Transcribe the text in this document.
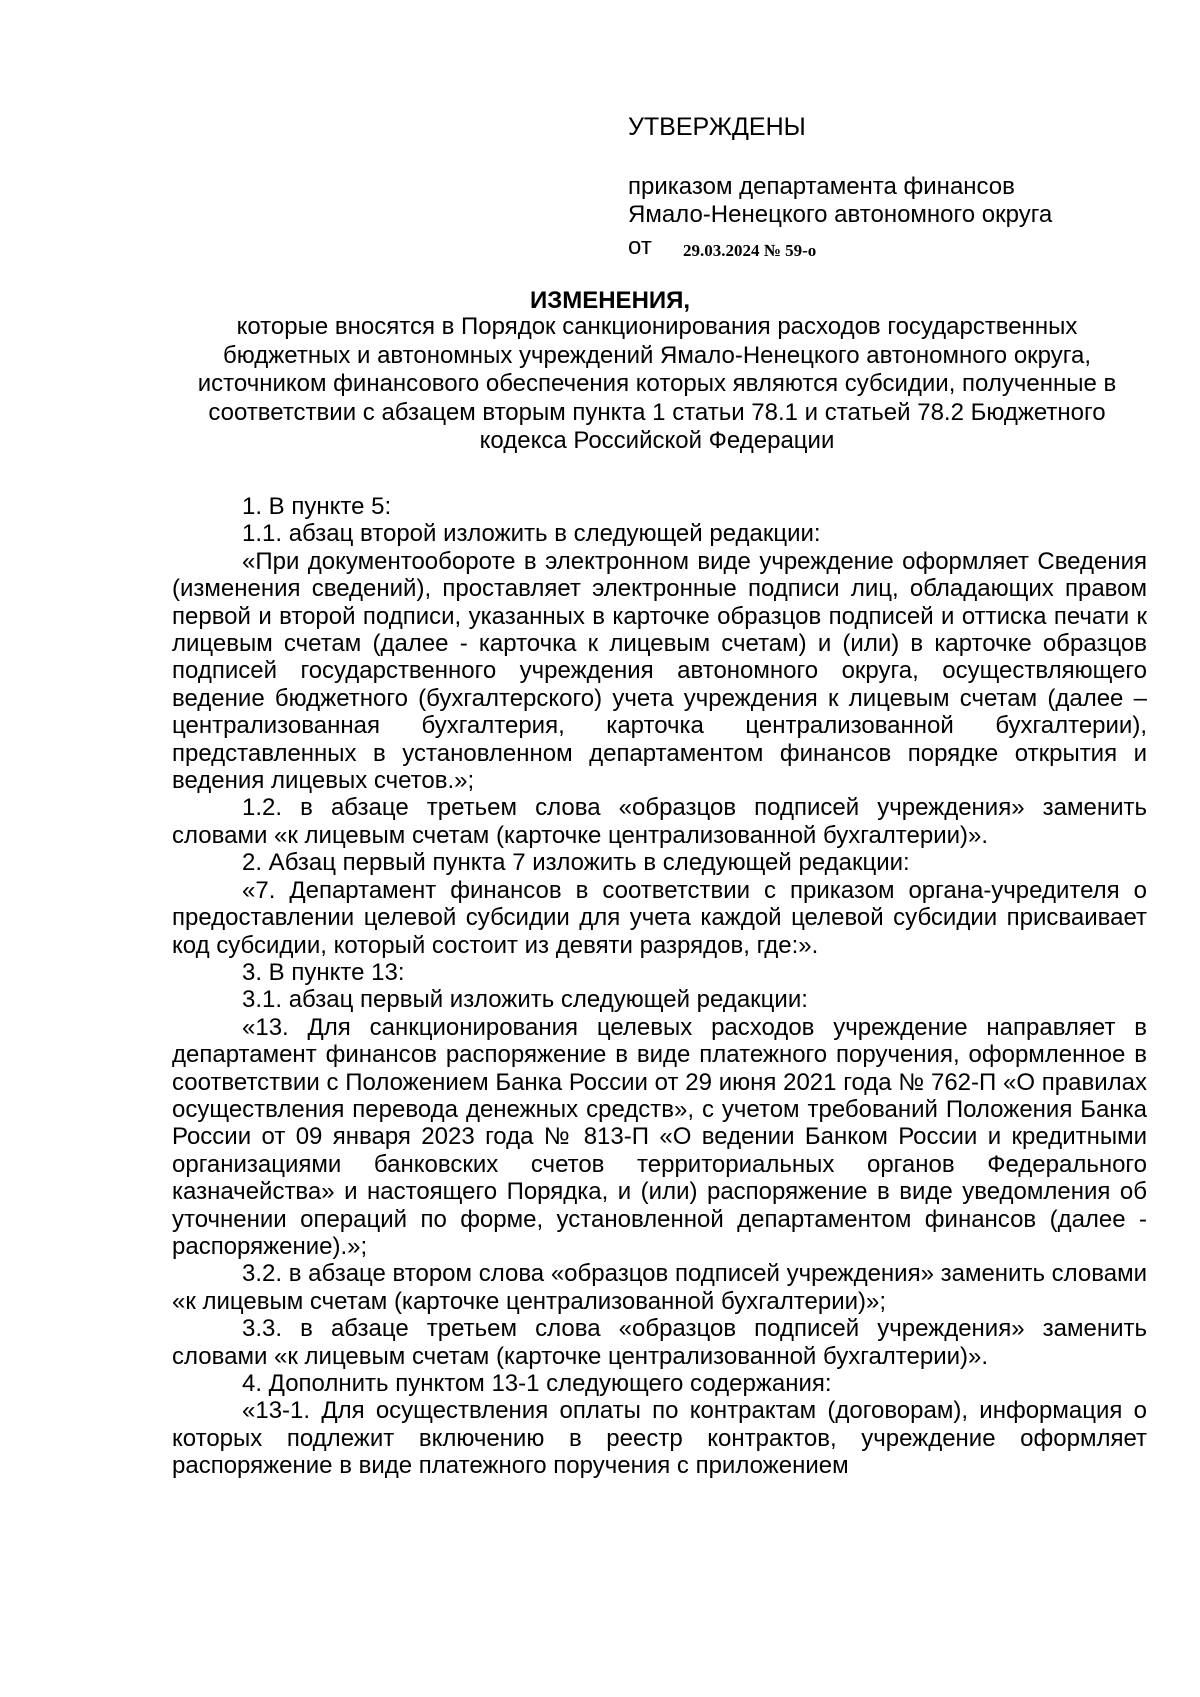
УТВЕРЖДЕНЫ
приказом департамента финансов
Ямало-Ненецкого автономного округа
от 29.03.2024 № 59-о
ИЗМЕНЕНИЯ,
которые вносятся в Порядок санкционирования расходов государственных бюджетных и автономных учреждений Ямало-Ненецкого автономного округа, источником финансового обеспечения которых являются субсидии, полученные в соответствии с абзацем вторым пункта 1 статьи 78.1 и статьей 78.2 Бюджетного кодекса Российской Федерации

1. В пункте 5:

1.1. абзац второй изложить в следующей редакции:

«При документообороте в электронном виде учреждение оформляет Сведения (изменения сведений), проставляет электронные подписи лиц, обладающих правом первой и второй подписи, указанных в карточке образцов подписей и оттиска печати к лицевым счетам (далее - карточка к лицевым счетам) и (или) в карточке образцов подписей государственного учреждения автономного округа, осуществляющего ведение бюджетного (бухгалтерского) учета учреждения к лицевым счетам (далее – централизованная бухгалтерия, карточка централизованной бухгалтерии), представленных в установленном департаментом финансов порядке открытия и ведения лицевых счетов.»;

1.2. в абзаце третьем слова «образцов подписей учреждения» заменить словами «к лицевым счетам (карточке централизованной бухгалтерии)».

2. Абзац первый пункта 7 изложить в следующей редакции:

«7. Департамент финансов в соответствии с приказом органа-учредителя о предоставлении целевой субсидии для учета каждой целевой субсидии присваивает код субсидии, который состоит из девяти разрядов, где:».

3. В пункте 13:

3.1. абзац первый изложить следующей редакции:

«13. Для санкционирования целевых расходов учреждение направляет в департамент финансов распоряжение в виде платежного поручения, оформленное в соответствии с Положением Банка России от 29 июня 2021 года № 762-П «О правилах осуществления перевода денежных средств», с учетом требований Положения Банка России от 09 января 2023 года № 813-П «О ведении Банком России и кредитными организациями банковских счетов территориальных органов Федерального казначейства» и настоящего Порядка, и (или) распоряжение в виде уведомления об уточнении операций по форме, установленной департаментом финансов (далее - распоряжение).»;

3.2. в абзаце втором слова «образцов подписей учреждения» заменить словами «к лицевым счетам (карточке централизованной бухгалтерии)»;

3.3. в абзаце третьем слова «образцов подписей учреждения» заменить словами «к лицевым счетам (карточке централизованной бухгалтерии)».

4. Дополнить пунктом 13-1 следующего содержания:

«13-1. Для осуществления оплаты по контрактам (договорам), информация о которых подлежит включению в реестр контрактов, учреждение оформляет распоряжение в виде платежного поручения с приложением
